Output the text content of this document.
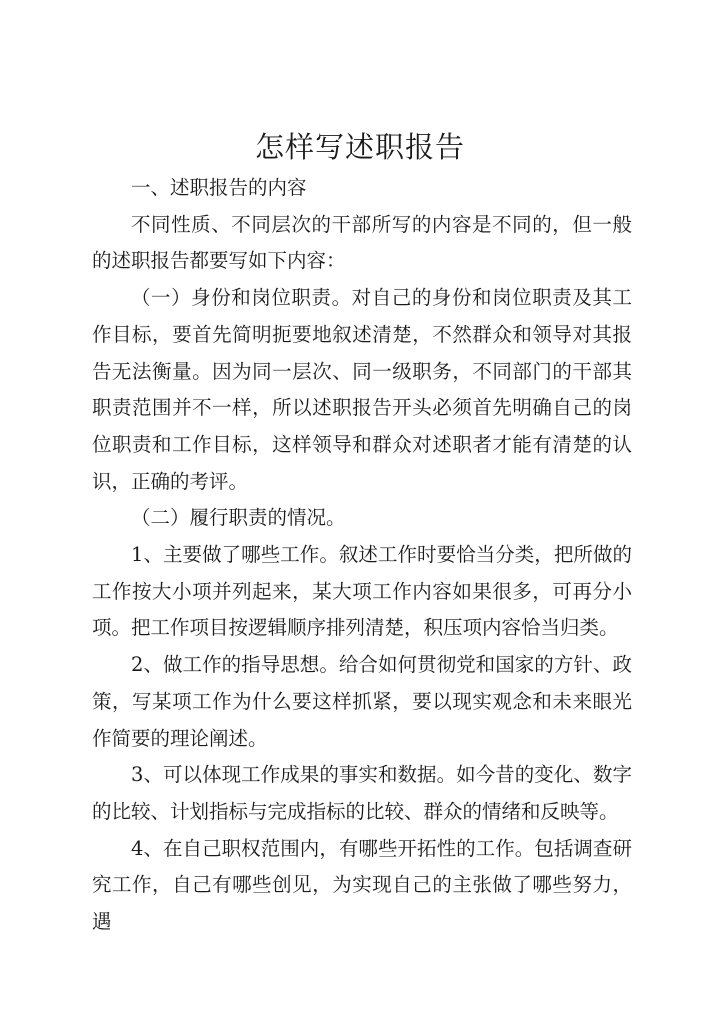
怎样写述职报告

一、述职报告的内容

不同性质、不同层次的干部所写的内容是不同的，但一般的述职报告都要写如下内容：

（一）身份和岗位职责。对自己的身份和岗位职责及其工作目标，要首先简明扼要地叙述清楚，不然群众和领导对其报告无法衡量。因为同一层次、同一级职务，不同部门的干部其职责范围并不一样，所以述职报告开头必须首先明确自己的岗位职责和工作目标，这样领导和群众对述职者才能有清楚的认识，正确的考评。

（二）履行职责的情况。

1、主要做了哪些工作。叙述工作时要恰当分类，把所做的工作按大小项并列起来，某大项工作内容如果很多，可再分小项。把工作项目按逻辑顺序排列清楚，积压项内容恰当归类。

2、做工作的指导思想。给合如何贯彻党和国家的方针、政策，写某项工作为什么要这样抓紧，要以现实观念和未来眼光作简要的理论阐述。

3、可以体现工作成果的事实和数据。如今昔的变化、数字的比较、计划指标与完成指标的比较、群众的情绪和反映等。

4、在自己职权范围内，有哪些开拓性的工作。包括调查研究工作，自己有哪些创见，为实现自己的主张做了哪些努力，遇
